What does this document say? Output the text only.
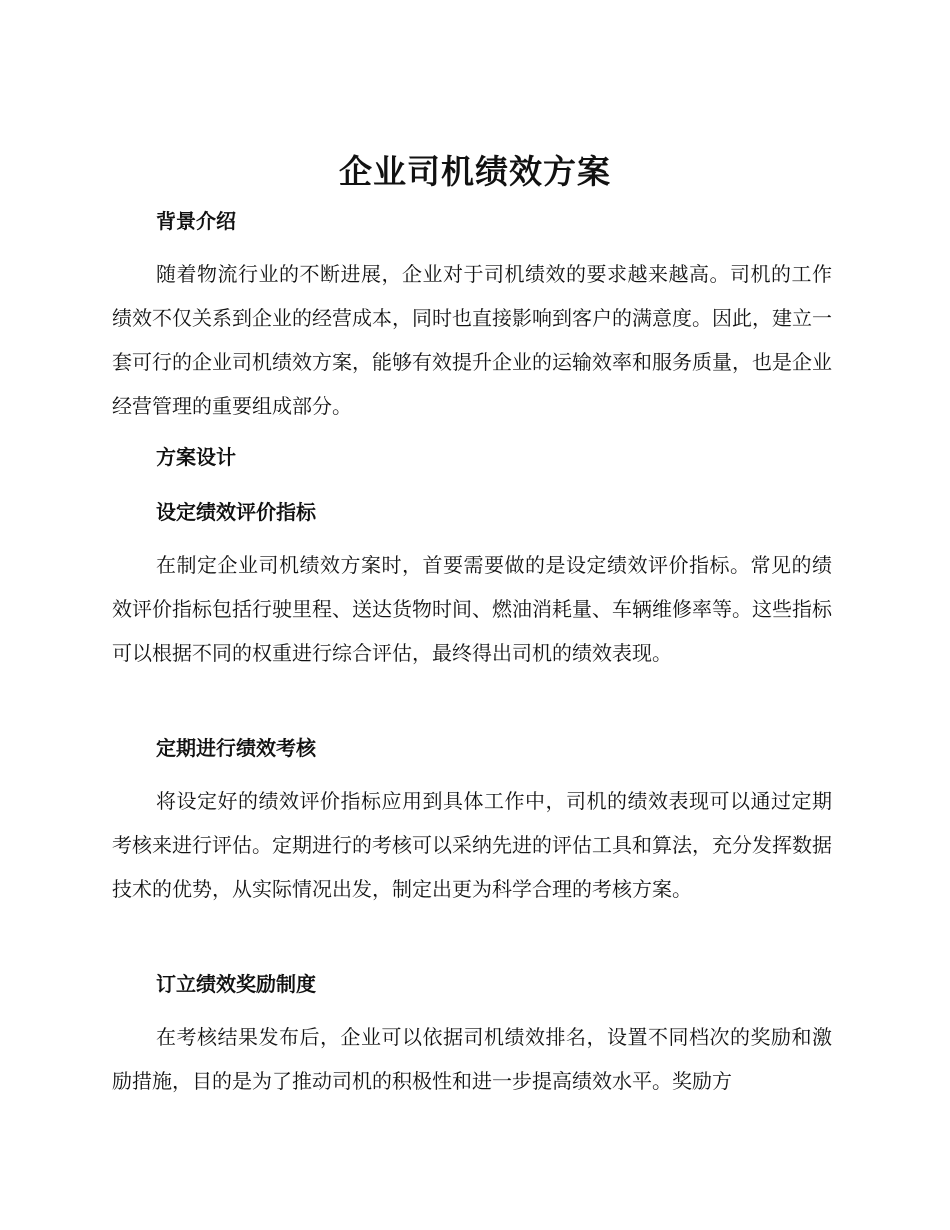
企业司机绩效方案
背景介绍

随着物流行业的不断进展，企业对于司机绩效的要求越来越高。司机的工作绩效不仅关系到企业的经营成本，同时也直接影响到客户的满意度。因此，建立一套可行的企业司机绩效方案，能够有效提升企业的运输效率和服务质量，也是企业经营管理的重要组成部分。

方案设计
设定绩效评价指标

在制定企业司机绩效方案时，首要需要做的是设定绩效评价指标。常见的绩效评价指标包括行驶里程、送达货物时间、燃油消耗量、车辆维修率等。这些指标可以根据不同的权重进行综合评估，最终得出司机的绩效表现。

定期进行绩效考核

将设定好的绩效评价指标应用到具体工作中，司机的绩效表现可以通过定期考核来进行评估。定期进行的考核可以采纳先进的评估工具和算法，充分发挥数据技术的优势，从实际情况出发，制定出更为科学合理的考核方案。

订立绩效奖励制度

在考核结果发布后，企业可以依据司机绩效排名，设置不同档次的奖励和激励措施，目的是为了推动司机的积极性和进一步提高绩效水平。奖励方
